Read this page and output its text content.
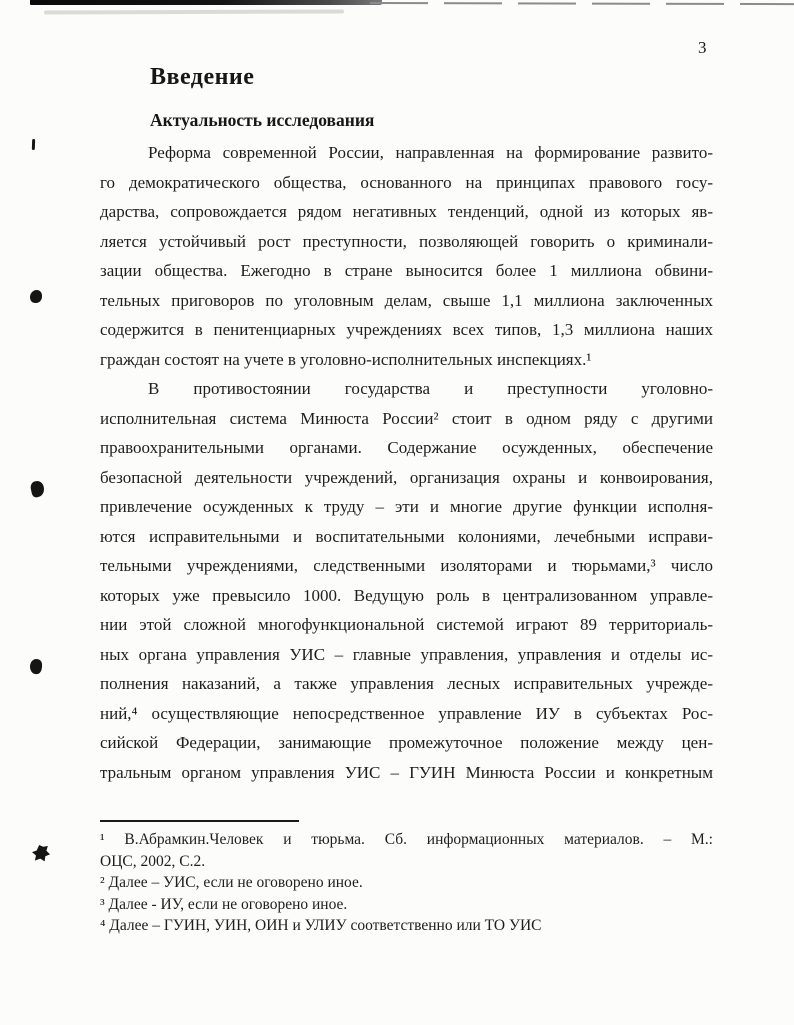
3
Введение
Актуальность исследования
Реформа современной России, направленная на формирование развито-
го демократического общества, основанного на принципах правового госу-
дарства, сопровождается рядом негативных тенденций, одной из которых яв-
ляется устойчивый рост преступности, позволяющей говорить о криминали-
зации общества. Ежегодно в стране выносится более 1 миллиона обвини-
тельных приговоров по уголовным делам, свыше 1,1 миллиона заключенных
содержится в пенитенциарных учреждениях всех типов, 1,3 миллиона наших
граждан состоят на учете в уголовно-исполнительных инспекциях.¹
В противостоянии государства и преступности уголовно-
исполнительная система Минюста России² стоит в одном ряду с другими
правоохранительными органами. Содержание осужденных, обеспечение
безопасной деятельности учреждений, организация охраны и конвоирования,
привлечение осужденных к труду – эти и многие другие функции исполня-
ются исправительными и воспитательными колониями, лечебными исправи-
тельными учреждениями, следственными изоляторами и тюрьмами,³ число
которых уже превысило 1000. Ведущую роль в централизованном управле-
нии этой сложной многофункциональной системой играют 89 территориаль-
ных органа управления УИС – главные управления, управления и отделы ис-
полнения наказаний, а также управления лесных исправительных учрежде-
ний,⁴ осуществляющие непосредственное управление ИУ в субъектах Рос-
сийской Федерации, занимающие промежуточное положение между цен-
тральным органом управления УИС – ГУИН Минюста России и конкретным
¹ В.Абрамкин.Человек и тюрьма. Сб. информационных материалов. – М.:
ОЦС, 2002, С.2.
² Далее – УИС, если не оговорено иное.
³ Далее - ИУ, если не оговорено иное.
⁴ Далее – ГУИН, УИН, ОИН и УЛИУ соответственно или ТО УИС
